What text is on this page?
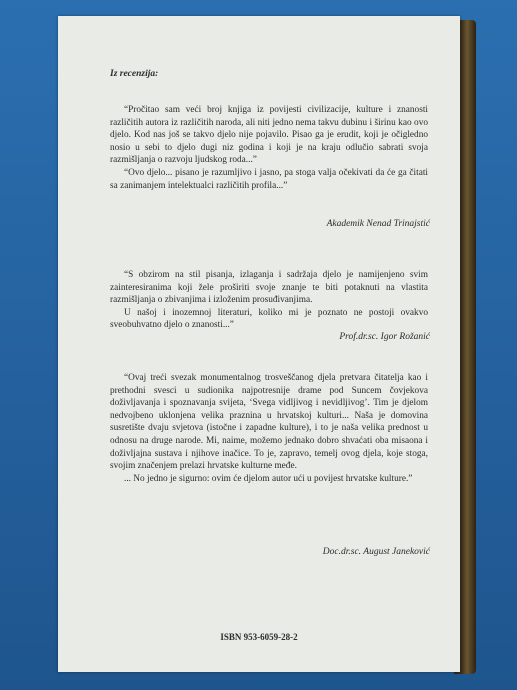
Iz recenzija:

“Pročitao sam veći broj knjiga iz povijesti civilizacije, kulture i znanosti različitih autora iz različitih naroda, ali niti jedno nema takvu dubinu i širinu kao ovo djelo. Kod nas još se takvo djelo nije pojavilo. Pisao ga je erudit, koji je očigledno nosio u sebi to djelo dugi niz godina i koji je na kraju odlučio sabrati svoja razmišljanja o razvoju ljudskog roda...”

“Ovo djelo... pisano je razumljivo i jasno, pa stoga valja očekivati da će ga čitati sa zanimanjem intelektualci različitih profila...”

Akademik Nenad Trinajstić

“S obzirom na stil pisanja, izlaganja i sadržaja djelo je namijenjeno svim zainteresiranima koji žele proširiti svoje znanje te biti potaknuti na vlastita razmišljanja o zbivanjima i izloženim prosuđivanjima.

U našoj i inozemnoj literaturi, koliko mi je poznato ne postoji ovakvo sveobuhvatno djelo o znanosti...”

Prof.dr.sc. Igor Rožanić

“Ovaj treći svezak monumentalnog trosveščanog djela pretvara čitatelja kao i prethodni svesci u sudionika najpotresnije drame pod Suncem čovjekova doživljavanja i spoznavanja svijeta, ‘Svega vidljivog i nevidljivog’. Tim je djelom nedvojbeno uklonjena velika praznina u hrvatskoj kulturi... Naša je domovina susretište dvaju svjetova (istočne i zapadne kulture), i to je naša velika prednost u odnosu na druge narode. Mi, naime, možemo jednako dobro shvaćati oba misaona i doživljajna sustava i njihove inačice. To je, zapravo, temelj ovog djela, koje stoga, svojim značenjem prelazi hrvatske kulturne međe.

... No jedno je sigurno: ovim će djelom autor ući u povijest hrvatske kulture.”

Doc.dr.sc. August Janeković
ISBN 953-6059-28-2
